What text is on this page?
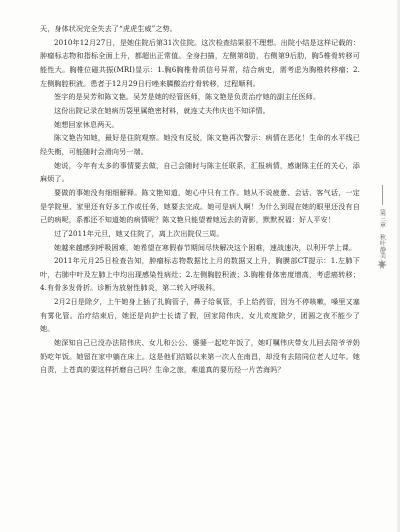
天，身体状况完全失去了“虎虎生威”之势。

2010年12月27日，是她住院后第31次住院。这次检查结果很不理想。出院小结是这样记载的：肿瘤标志物和指标全面上升，都超出正常值。全身扫描，左侧第8肋，右侧第9后肋，胸5椎骨转移可能性大。胸椎位磁共振(MRI)显示：1.胸6胸椎骨质信号异常，结合病史，需考虑为胸椎转移瘤；2.左侧胸腔积液。患者于12月29日行唑来膦酸治疗骨转移，过程顺利。

签字的是吴芳和陈文艳。吴芳是她的经管医师，陈文艳是负责治疗她的副主任医师。

这份出院记录在她病历袋里属绝密材料，就连丈夫伟庆也不知详情。

她想回家休息两天。

陈文艳告知她，最好是住院观察。她没有反驳，陈文艳再次警示：病情在恶化！生命的水平线已经失衡，可能随时会滑向另一端。

她说，今年有太多的事情要去做，自己会随时与陈主任联系，汇报病情，感谢陈主任的关心，添麻烦了。

要做的事她没有细细解释。陈文艳知道，她心中只有工作。她从不说疲惫、会话、客气话，一定是学院里、家里还有好多工作或任务，她要去完成。她可是病人啊！为什么到现在她的眼里还没有自己的病呢，系都还不知道她的病情呢？陈文艳只能望着她远去的背影，默默祝福：好人平安！

过了2011年元旦，她又住院了，离上次出院仅三周。

她越来越感到呼吸困难，她希望在寒假春节期间尽快解决这个困难，速战速决，以利开学上课。

2011年元月25日检查告知，肿瘤标志物数据比上月的数据又上升，胸膜部CT提示：1.左肺下叶，右肺中叶及左肺上中均出现感染性病灶；2.左侧胸腔积液；3.胸椎骨体密度增高，考虑癌转移；4.有骨多发骨折。诊断为放射性肺炎，第二转入呼吸科。

2月2日是除夕，上午她身上插了扎胸管子，鼻子给氧管，手上给药管，因为不停咳嗽，嗓里又塞有雾化管。治疗结束后，她还是向护士长请了假，回家陪伟庆、女儿欢度除夕，团圆之夜不能少了她。

她深知自己已没办法陪伟庆、女儿和公公、婆婆一起吃年饭了，她叮嘱伟庆带女儿回去陪爷爷奶奶吃年饭。她留在家中躺在床上。这是他们结婚以来第一次人在南昌，却没有去陪同位老人过年。她自责，上苍真的要这样折磨自己吗？生命之旅，难道真的要历经一片苦海吗？

第三章
秋叶静美
